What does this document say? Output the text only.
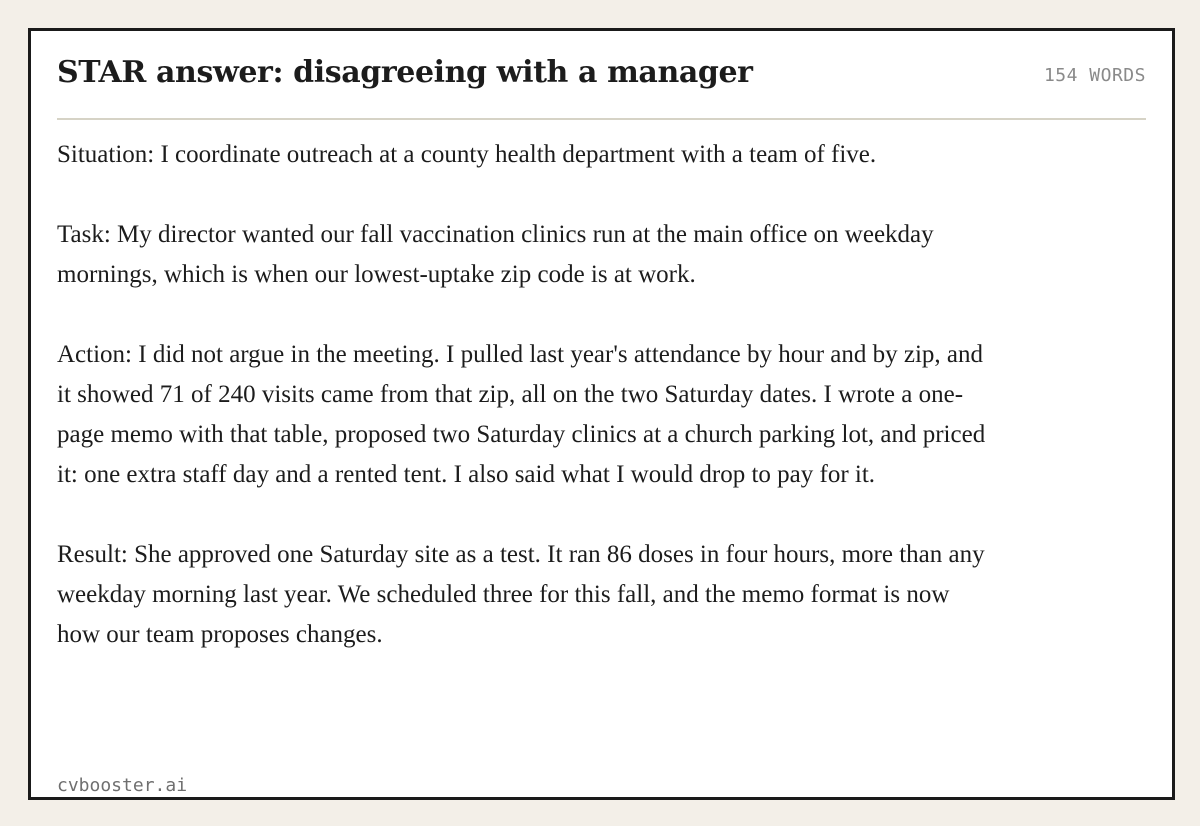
STAR answer: disagreeing with a manager	154 WORDS

Situation: I coordinate outreach at a county health department with a team of five.

Task: My director wanted our fall vaccination clinics run at the main office on weekday mornings, which is when our lowest-uptake zip code is at work.

Action: I did not argue in the meeting. I pulled last year's attendance by hour and by zip, and it showed 71 of 240 visits came from that zip, all on the two Saturday dates. I wrote a one-page memo with that table, proposed two Saturday clinics at a church parking lot, and priced it: one extra staff day and a rented tent. I also said what I would drop to pay for it.

Result: She approved one Saturday site as a test. It ran 86 doses in four hours, more than any weekday morning last year. We scheduled three for this fall, and the memo format is now how our team proposes changes.

cvbooster.ai
